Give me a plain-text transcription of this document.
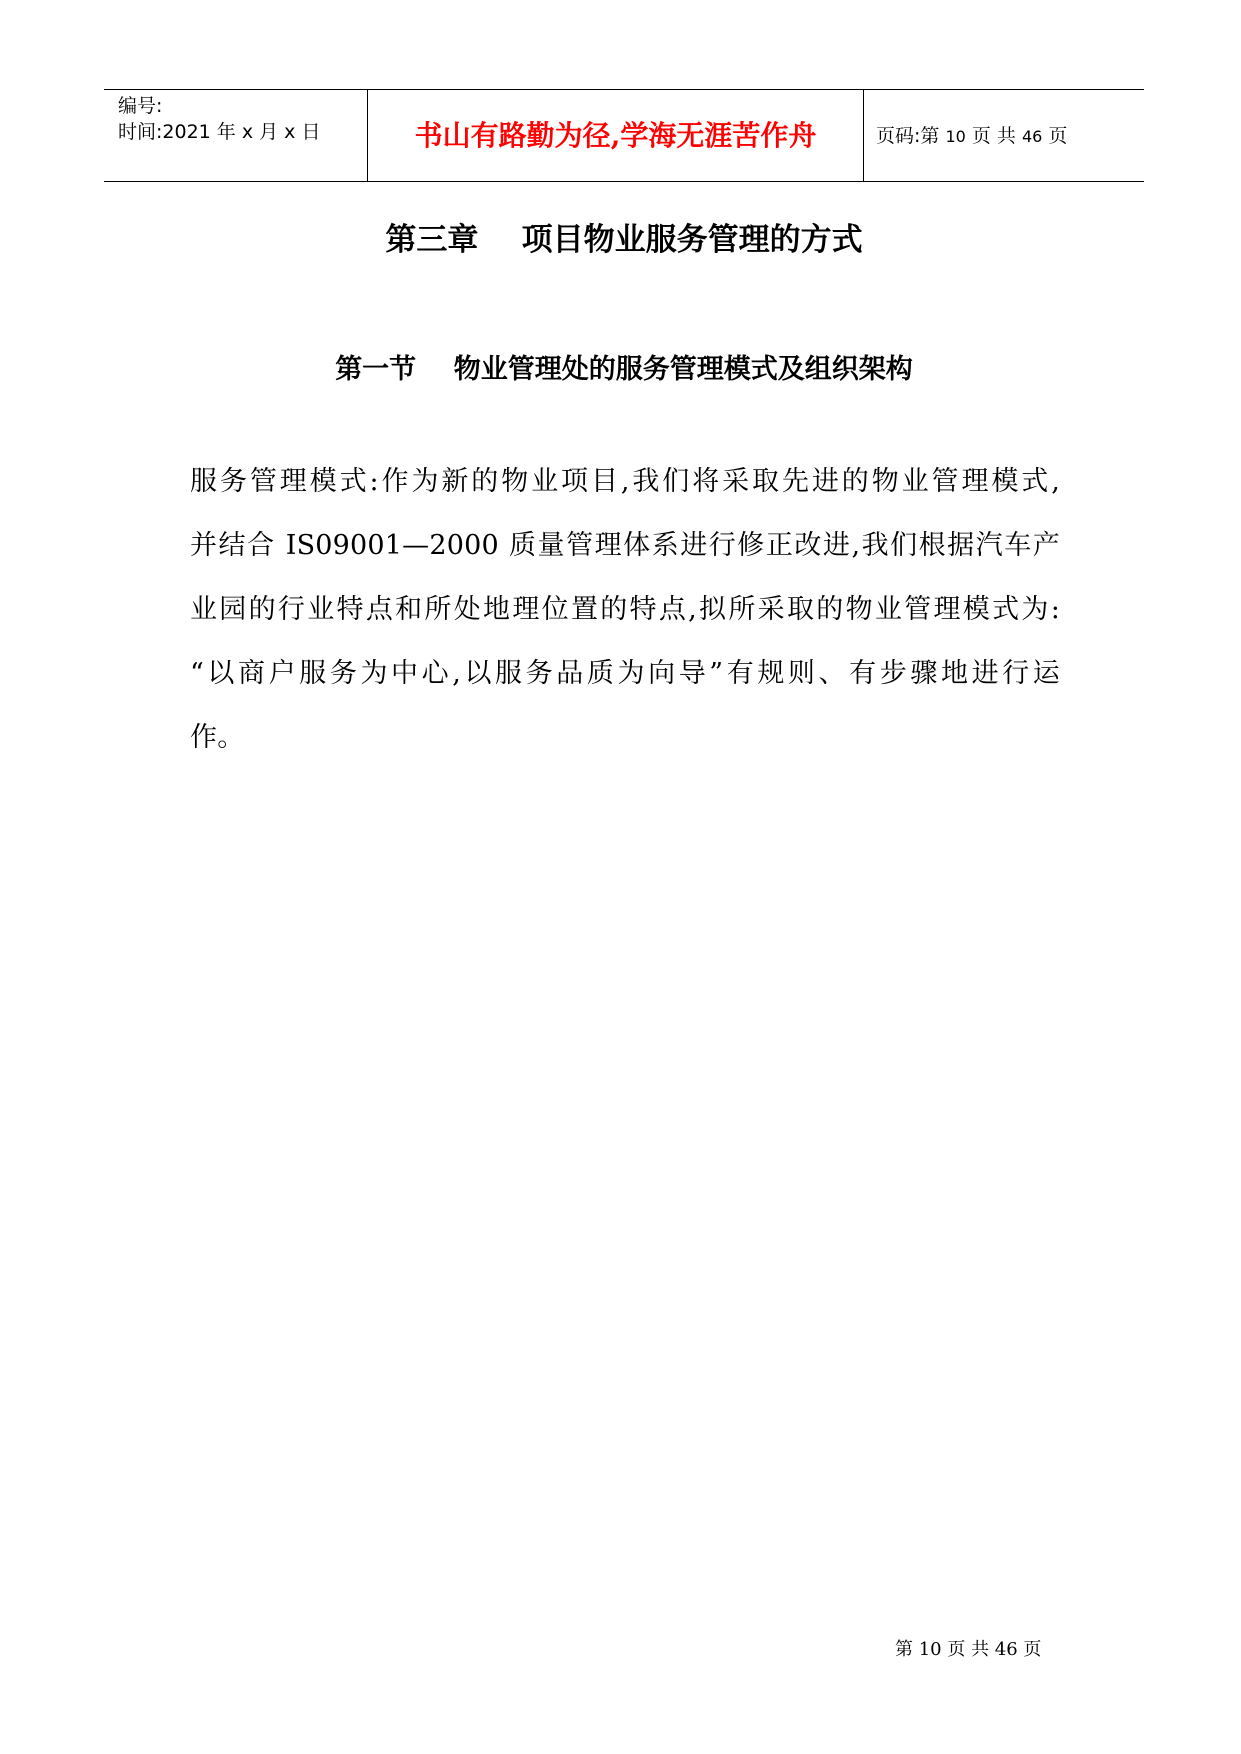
编号:
时间:2021 年 x 月 x 日	书山有路勤为径,学海无涯苦作舟	页码:第 10 页 共 46 页
第三章    项目物业服务管理的方式
第一节    物业管理处的服务管理模式及组织架构
服务管理模式:作为新的物业项目,我们将采取先进的物业管理模式,
并结合 IS09001—2000 质量管理体系进行修正改进,我们根据汽车产
业园的行业特点和所处地理位置的特点,拟所采取的物业管理模式为:
“以商户服务为中心,以服务品质为向导”有规则、有步骤地进行运
作。
第 10 页 共 46 页
